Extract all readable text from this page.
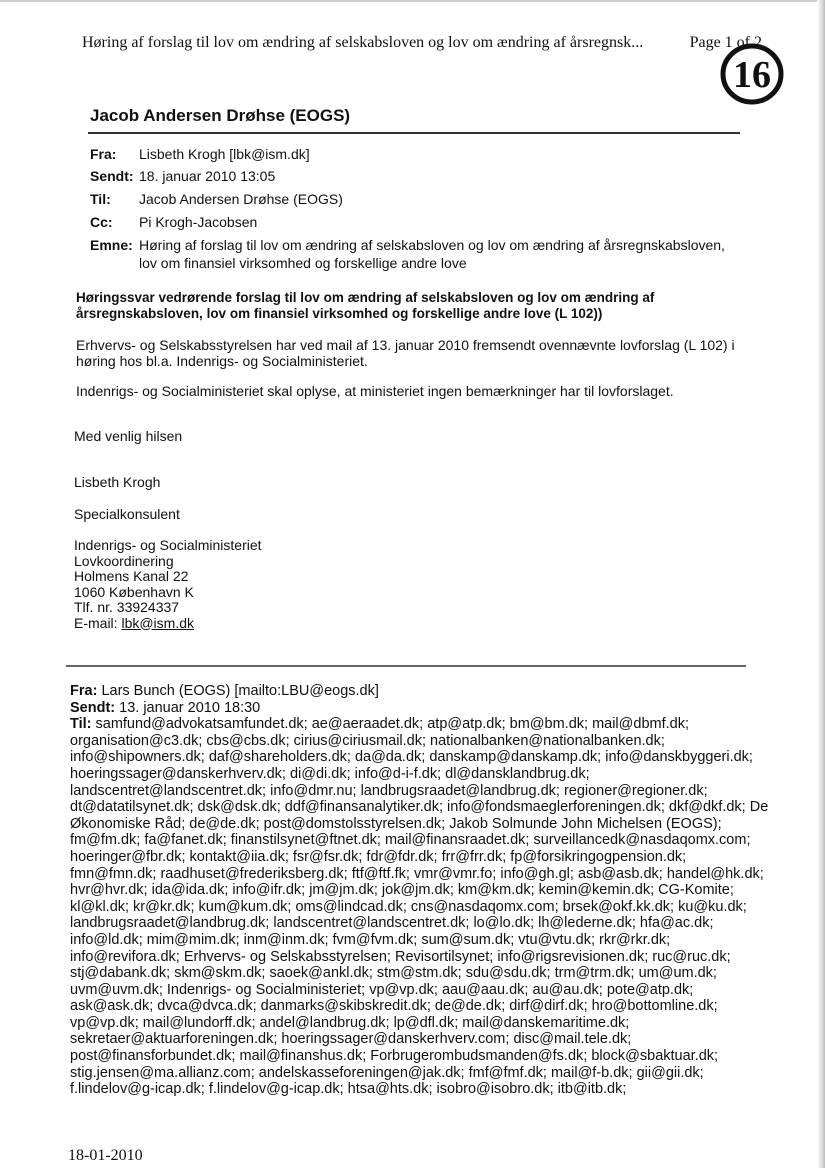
Høring af forslag til lov om ændring af selskabsloven og lov om ændring af årsregnsk...	Page 1 of 2
16
Jacob Andersen Drøhse (EOGS)
Fra:	Lisbeth Krogh [lbk@ism.dk]
Sendt: 18. januar 2010 13:05
Til:	Jacob Andersen Drøhse (EOGS)
Cc:	Pi Krogh-Jacobsen
Emne: Høring af forslag til lov om ændring af selskabsloven og lov om ændring af årsregnskabsloven, lov om finansiel virksomhed og forskellige andre love
Høringssvar vedrørende forslag til lov om ændring af selskabsloven og lov om ændring af årsregnskabsloven, lov om finansiel virksomhed og forskellige andre love (L 102))
Erhvervs- og Selskabsstyrelsen har ved mail af 13. januar 2010 fremsendt ovennævnte lovforslag (L 102) i høring hos bl.a. Indenrigs- og Socialministeriet.
Indenrigs- og Socialministeriet skal oplyse, at ministeriet ingen bemærkninger har til lovforslaget.
Med venlig hilsen
Lisbeth Krogh
Specialkonsulent
Indenrigs- og Socialministeriet
Lovkoordinering
Holmens Kanal 22
1060 København K
Tlf. nr. 33924337
E-mail: lbk@ism.dk
Fra: Lars Bunch (EOGS) [mailto:LBU@eogs.dk]
Sendt: 13. januar 2010 18:30
Til: samfund@advokatsamfundet.dk; ae@aeraadet.dk; atp@atp.dk; bm@bm.dk; mail@dbmf.dk; organisation@c3.dk; cbs@cbs.dk; cirius@ciriusmail.dk; nationalbanken@nationalbanken.dk; info@shipowners.dk; daf@shareholders.dk; da@da.dk; danskamp@danskamp.dk; info@danskbyggeri.dk; hoeringssager@danskerhverv.dk; di@di.dk; info@d-i-f.dk; dl@dansklandbrug.dk; landscentret@landscentret.dk; info@dmr.nu; landbrugsraadet@landbrug.dk; regioner@regioner.dk; dt@datatilsynet.dk; dsk@dsk.dk; ddf@finansanalytiker.dk; info@fondsmaeglerforeningen.dk; dkf@dkf.dk; De Økonomiske Råd; de@de.dk; post@domstolsstyrelsen.dk; Jakob Solmunde John Michelsen (EOGS); fm@fm.dk; fa@fanet.dk; finanstilsynet@ftnet.dk; mail@finansraadet.dk; surveillancedk@nasdaqomx.com; hoeringer@fbr.dk; kontakt@iia.dk; fsr@fsr.dk; fdr@fdr.dk; frr@frr.dk; fp@forsikringogpension.dk; fmn@fmn.dk; raadhuset@frederiksberg.dk; ftf@ftf.fk; vmr@vmr.fo; info@gh.gl; asb@asb.dk; handel@hk.dk; hvr@hvr.dk; ida@ida.dk; info@ifr.dk; jm@jm.dk; jok@jm.dk; km@km.dk; kemin@kemin.dk; CG-Komite; kl@kl.dk; kr@kr.dk; kum@kum.dk; oms@lindcad.dk; cns@nasdaqomx.com; brsek@okf.kk.dk; ku@ku.dk; landbrugsraadet@landbrug.dk; landscentret@landscentret.dk; lo@lo.dk; lh@lederne.dk; hfa@ac.dk; info@ld.dk; mim@mim.dk; inm@inm.dk; fvm@fvm.dk; sum@sum.dk; vtu@vtu.dk; rkr@rkr.dk; info@revifora.dk; Erhvervs- og Selskabsstyrelsen; Revisortilsynet; info@rigsrevisionen.dk; ruc@ruc.dk; stj@dabank.dk; skm@skm.dk; saoek@ankl.dk; stm@stm.dk; sdu@sdu.dk; trm@trm.dk; um@um.dk; uvm@uvm.dk; Indenrigs- og Socialministeriet; vp@vp.dk; aau@aau.dk; au@au.dk; pote@atp.dk; ask@ask.dk; dvca@dvca.dk; danmarks@skibskredit.dk; de@de.dk; dirf@dirf.dk; hro@bottomline.dk; vp@vp.dk; mail@lundorff.dk; andel@landbrug.dk; lp@dfl.dk; mail@danskemaritime.dk; sekretaer@aktuarforeningen.dk; hoeringssager@danskerhverv.com; disc@mail.tele.dk; post@finansforbundet.dk; mail@finanshus.dk; Forbrugerombudsmanden@fs.dk; block@sbaktuar.dk; stig.jensen@ma.allianz.com; andelskasseforeningen@jak.dk; fmf@fmf.dk; mail@f-b.dk; gii@gii.dk; f.lindelov@g-icap.dk; f.lindelov@g-icap.dk; htsa@hts.dk; isobro@isobro.dk; itb@itb.dk;
18-01-2010
